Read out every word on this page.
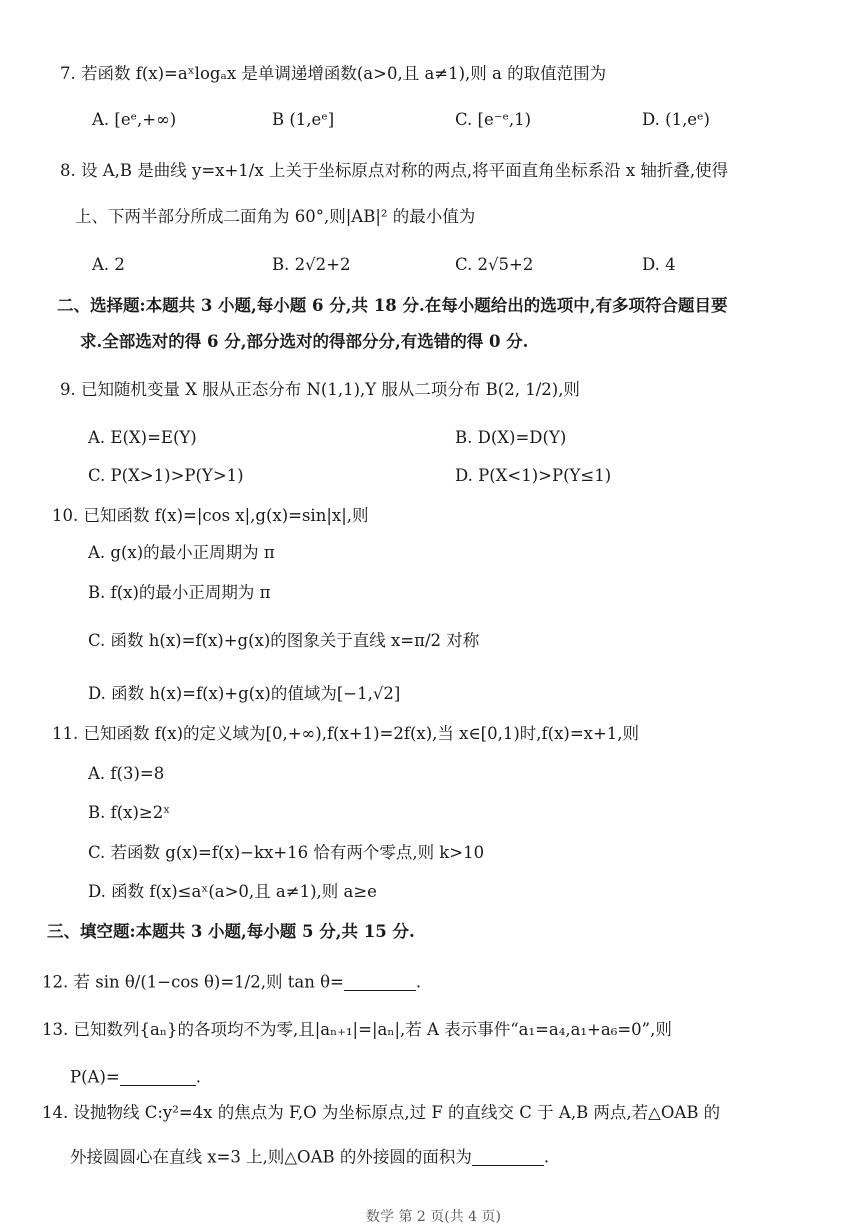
7. 若函数 f(x)=aˣlogₐx 是单调递增函数(a>0,且 a≠1),则 a 的取值范围为
A. [eᵉ,+∞)	B (1,eᵉ]	C. [e⁻ᵉ,1)	D. (1,eᵉ)
8. 设 A,B 是曲线 y=x+1/x 上关于坐标原点对称的两点,将平面直角坐标系沿 x 轴折叠,使得
上、下两半部分所成二面角为 60°,则|AB|² 的最小值为
A. 2	B. 2√2+2	C. 2√5+2	D. 4
二、选择题:本题共 3 小题,每小题 6 分,共 18 分.在每小题给出的选项中,有多项符合题目要
求.全部选对的得 6 分,部分选对的得部分分,有选错的得 0 分.
9. 已知随机变量 X 服从正态分布 N(1,1),Y 服从二项分布 B(2, 1/2),则
A. E(X)=E(Y)	B. D(X)=D(Y)
C. P(X>1)>P(Y>1)	D. P(X<1)>P(Y≤1)
10. 已知函数 f(x)=|cos x|,g(x)=sin|x|,则
A. g(x)的最小正周期为 π
B. f(x)的最小正周期为 π
C. 函数 h(x)=f(x)+g(x)的图象关于直线 x=π/2 对称
D. 函数 h(x)=f(x)+g(x)的值域为[−1,√2]
11. 已知函数 f(x)的定义域为[0,+∞),f(x+1)=2f(x),当 x∈[0,1)时,f(x)=x+1,则
A. f(3)=8
B. f(x)≥2ˣ
C. 若函数 g(x)=f(x)−kx+16 恰有两个零点,则 k>10
D. 函数 f(x)≤aˣ(a>0,且 a≠1),则 a≥e
三、填空题:本题共 3 小题,每小题 5 分,共 15 分.
12. 若 sin θ/(1−cos θ)=1/2,则 tan θ=	.
13. 已知数列{aₙ}的各项均不为零,且|aₙ₊₁|=|aₙ|,若 A 表示事件“a₁=a₄,a₁+a₆=0”,则
P(A)=	.
14. 设抛物线 C:y²=4x 的焦点为 F,O 为坐标原点,过 F 的直线交 C 于 A,B 两点,若△OAB 的
外接圆圆心在直线 x=3 上,则△OAB 的外接圆的面积为	.
数学 第 2 页(共 4 页)
